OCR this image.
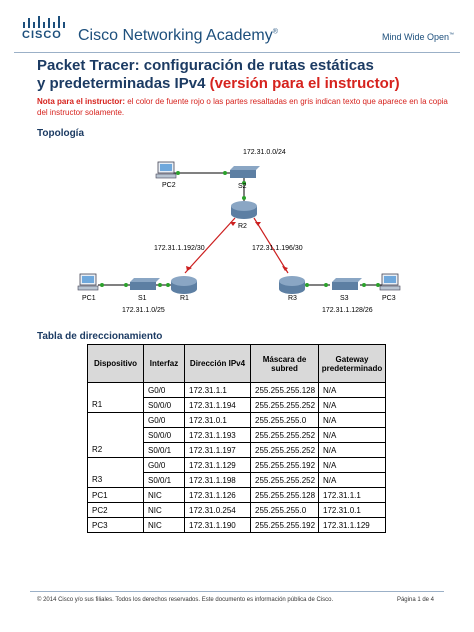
CISCO Cisco Networking Academy®	Mind Wide Open™
Packet Tracer: configuración de rutas estáticas
y predeterminadas IPv4 (versión para el instructor)
Nota para el instructor: el color de fuente rojo o las partes resaltadas en gris indican texto que aparece en la copia del instructor solamente.
Topología
PC2	S2
172.31.0.0/24
R2
172.31.1.192/30	172.31.1.196/30
PC1	S1	R1
172.31.1.0/25
R3	S3
172.31.1.128/26
PC3
Tabla de direccionamiento
Dispositivo	Interfaz	Dirección IPv4	Máscara de subred	Gateway predeterminado
	G0/0	172.31.1.1	255.255.255.128	N/A
R1	S0/0/0	172.31.1.194	255.255.255.252	N/A
	G0/0	172.31.0.1	255.255.255.0	N/A
	S0/0/0	172.31.1.193	255.255.255.252	N/A
R2	S0/0/1	172.31.1.197	255.255.255.252	N/A
	G0/0	172.31.1.129	255.255.255.192	N/A
R3	S0/0/1	172.31.1.198	255.255.255.252	N/A
PC1	NIC	172.31.1.126	255.255.255.128	172.31.1.1
PC2	NIC	172.31.0.254	255.255.255.0	172.31.0.1
PC3	NIC	172.31.1.190	255.255.255.192	172.31.1.129
© 2014 Cisco y/o sus filiales. Todos los derechos reservados. Este documento es información pública de Cisco.	Página 1 de 4
